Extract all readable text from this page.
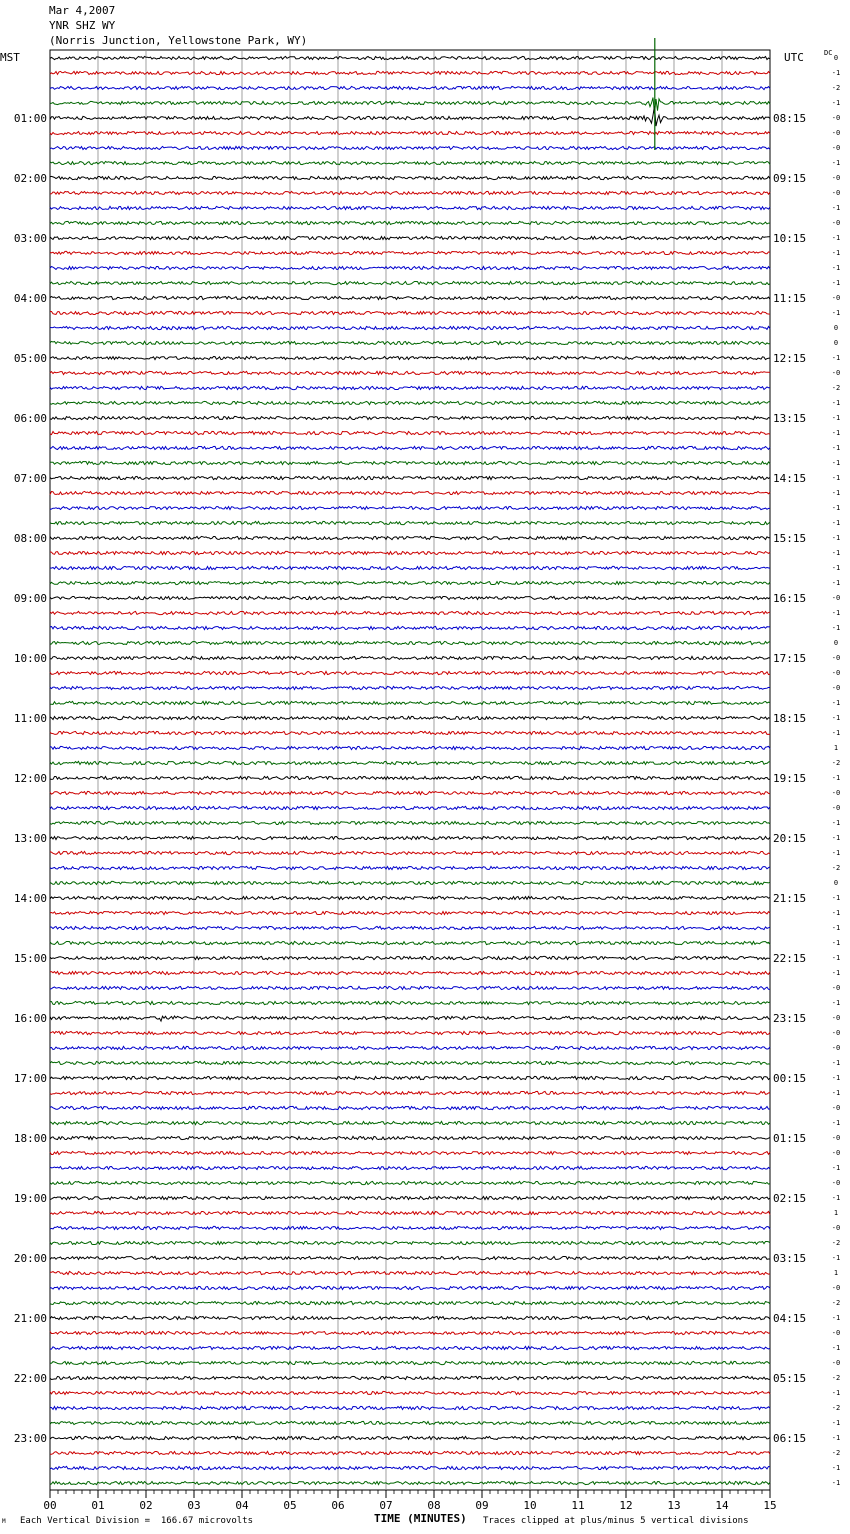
Mar 4,2007
YNR SHZ WY
(Norris Junction, Yellowstone Park, WY)
MST	UTC	DC
0
-1
-2
-1
-0
-0
-0
-1
-0
-0
-1
-0
-1
-1
-1
-1
-0
-1
0
0
-1
-0
-2
-1
-1
-1
-1
-1
-1
-1
-1
-1
-1
-1
-1
-1
-0
-1
-1
0
-0
-0
-0
-1
-1
-1
1
-2
-1
-0
-0
-1
-1
-1
-2
0
-1
-1
-1
-1
-1
-1
-0
-1
-0
-0
-0
-1
-1
-1
-0
-1
-0
-0
-1
-0
-1
1
-0
-2
-1
1
-0
-2
-1
-0
-1
-0
-2
-1
-2
-1
-1
-2
-1
-1
01:00	08:15
02:00	09:15
03:00	10:15
04:00	11:15
05:00	12:15
06:00	13:15
07:00	14:15
08:00	15:15
09:00	16:15
10:00	17:15
11:00	18:15
12:00	19:15
13:00	20:15
14:00	21:15
15:00	22:15
16:00	23:15
17:00	00:15
18:00	01:15
19:00	02:15
20:00	03:15
21:00	04:15
22:00	05:15
23:00	06:15
00	01	02	03	04	05	06	07	08	09	10	11	12	13	14	15
TIME (MINUTES)
Each Vertical Division =  166.67 microvolts	Traces clipped at plus/minus 5 vertical divisions
M
